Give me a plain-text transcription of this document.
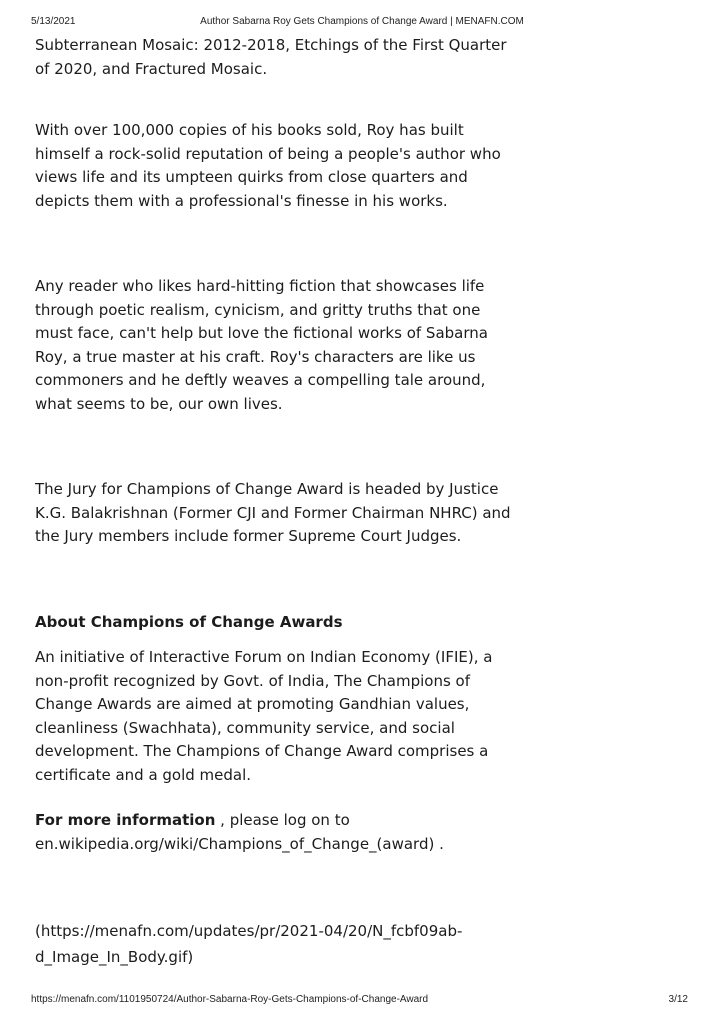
5/13/2021	Author Sabarna Roy Gets Champions of Change Award | MENAFN.COM

Subterranean Mosaic: 2012-2018, Etchings of the First Quarter of 2020, and Fractured Mosaic.

With over 100,000 copies of his books sold, Roy has built himself a rock-solid reputation of being a people's author who views life and its umpteen quirks from close quarters and depicts them with a professional's finesse in his works.

Any reader who likes hard-hitting fiction that showcases life through poetic realism, cynicism, and gritty truths that one must face, can't help but love the fictional works of Sabarna Roy, a true master at his craft. Roy's characters are like us commoners and he deftly weaves a compelling tale around, what seems to be, our own lives.

The Jury for Champions of Change Award is headed by Justice K.G. Balakrishnan (Former CJI and Former Chairman NHRC) and the Jury members include former Supreme Court Judges.

About Champions of Change Awards

An initiative of Interactive Forum on Indian Economy (IFIE), a non-profit recognized by Govt. of India, The Champions of Change Awards are aimed at promoting Gandhian values, cleanliness (Swachhata), community service, and social development. The Champions of Change Award comprises a certificate and a gold medal.

For more information , please log on to en.wikipedia.org/wiki/Champions_of_Change_(award) .

(https://menafn.com/updates/pr/2021-04/20/N_fcbf09ab-d_Image_In_Body.gif)

https://menafn.com/1101950724/Author-Sabarna-Roy-Gets-Champions-of-Change-Award	3/12
